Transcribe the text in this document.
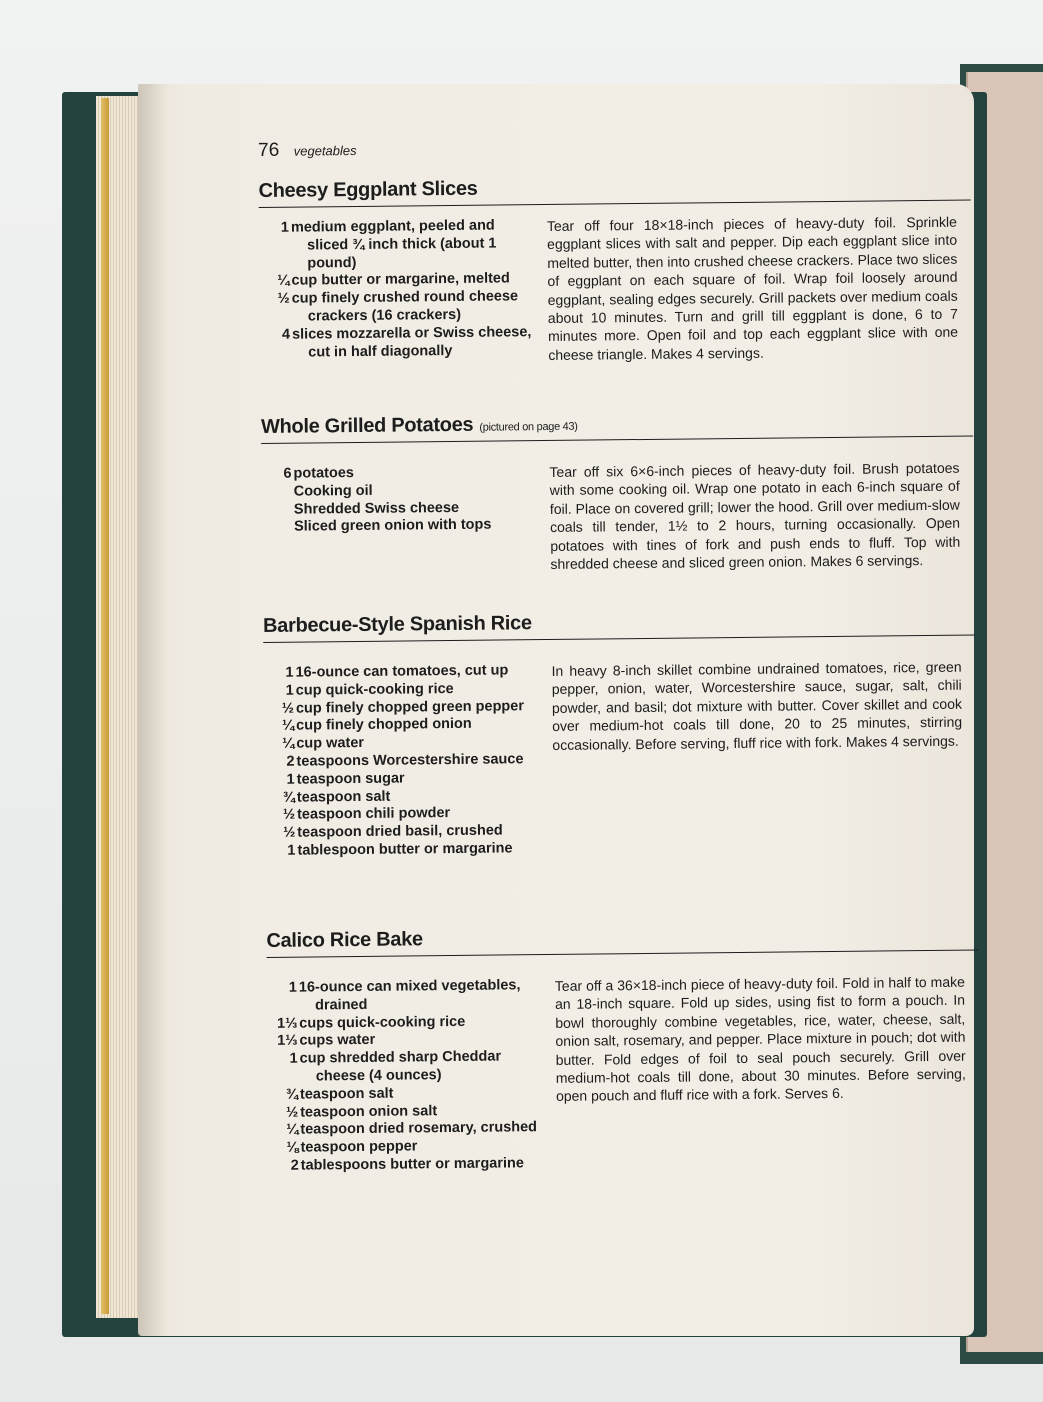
76 vegetables
Cheesy Eggplant Slices
1 medium eggplant, peeled and sliced ¾ inch thick (about 1 pound)
¼ cup butter or margarine, melted
½ cup finely crushed round cheese crackers (16 crackers)
4 slices mozzarella or Swiss cheese, cut in half diagonally
Tear off four 18×18-inch pieces of heavy-duty foil. Sprinkle eggplant slices with salt and pepper. Dip each eggplant slice into melted butter, then into crushed cheese crackers. Place two slices of eggplant on each square of foil. Wrap foil loosely around eggplant, sealing edges securely. Grill packets over medium coals about 10 minutes. Turn and grill till eggplant is done, 6 to 7 minutes more. Open foil and top each eggplant slice with one cheese triangle. Makes 4 servings.
Whole Grilled Potatoes (pictured on page 43)
6 potatoes
Cooking oil
Shredded Swiss cheese
Sliced green onion with tops
Tear off six 6×6-inch pieces of heavy-duty foil. Brush potatoes with some cooking oil. Wrap one potato in each 6-inch square of foil. Place on covered grill; lower the hood. Grill over medium-slow coals till tender, 1½ to 2 hours, turning occasionally. Open potatoes with tines of fork and push ends to fluff. Top with shredded cheese and sliced green onion. Makes 6 servings.
Barbecue-Style Spanish Rice
1 16-ounce can tomatoes, cut up
1 cup quick-cooking rice
½ cup finely chopped green pepper
¼ cup finely chopped onion
¼ cup water
2 teaspoons Worcestershire sauce
1 teaspoon sugar
¾ teaspoon salt
½ teaspoon chili powder
½ teaspoon dried basil, crushed
1 tablespoon butter or margarine
In heavy 8-inch skillet combine undrained tomatoes, rice, green pepper, onion, water, Worcestershire sauce, sugar, salt, chili powder, and basil; dot mixture with butter. Cover skillet and cook over medium-hot coals till done, 20 to 25 minutes, stirring occasionally. Before serving, fluff rice with fork. Makes 4 servings.
Calico Rice Bake
1 16-ounce can mixed vegetables, drained
1⅓ cups quick-cooking rice
1⅓ cups water
1 cup shredded sharp Cheddar cheese (4 ounces)
¾ teaspoon salt
½ teaspoon onion salt
¼ teaspoon dried rosemary, crushed
⅛ teaspoon pepper
2 tablespoons butter or margarine
Tear off a 36×18-inch piece of heavy-duty foil. Fold in half to make an 18-inch square. Fold up sides, using fist to form a pouch. In bowl thoroughly combine vegetables, rice, water, cheese, salt, onion salt, rosemary, and pepper. Place mixture in pouch; dot with butter. Fold edges of foil to seal pouch securely. Grill over medium-hot coals till done, about 30 minutes. Before serving, open pouch and fluff rice with a fork. Serves 6.
